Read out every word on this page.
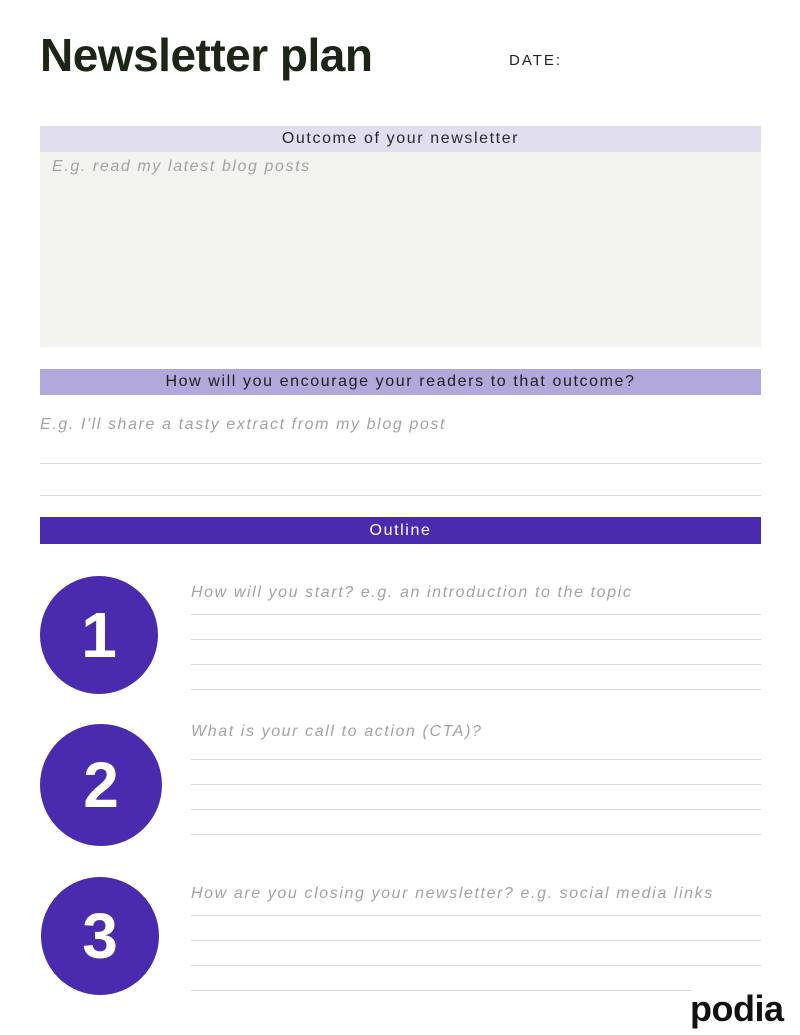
Newsletter plan	DATE:
Outcome of your newsletter
E.g. read my latest blog posts
How will you encourage your readers to that outcome?
E.g. I'll share a tasty extract from my blog post
Outline
1
How will you start? e.g. an introduction to the topic
2
What is your call to action (CTA)?
3
How are you closing your newsletter? e.g. social media links
podia
